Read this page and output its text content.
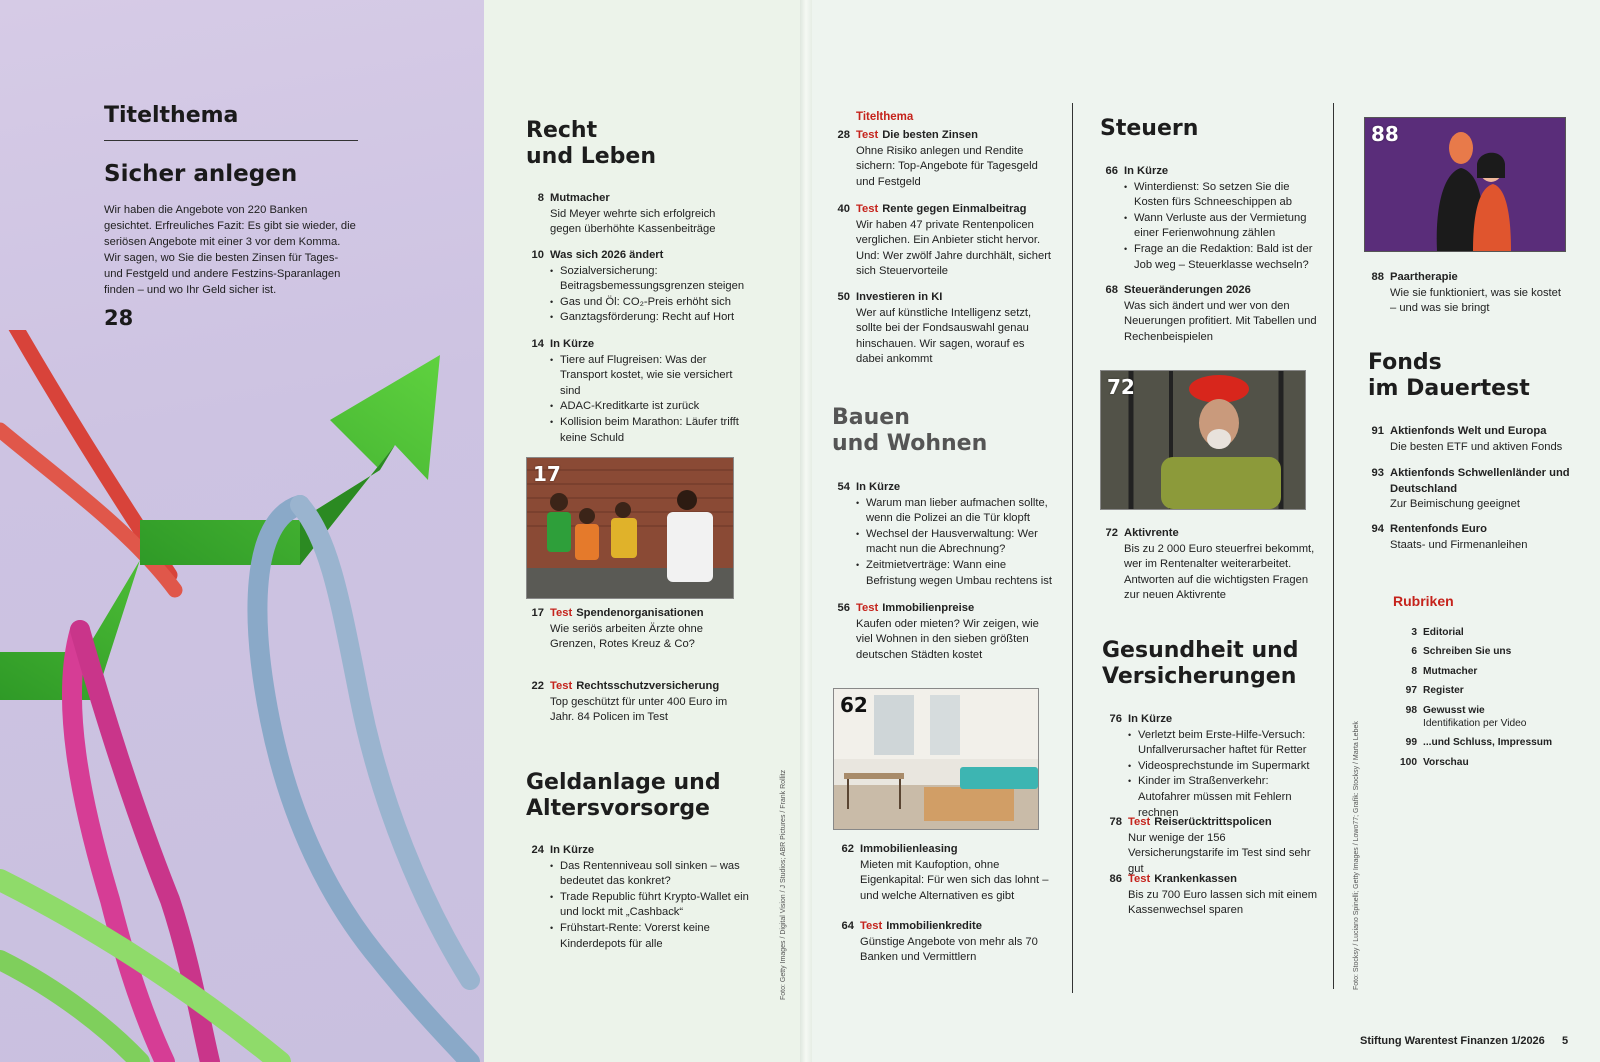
Titelthema
Sicher anlegen
Wir haben die Angebote von 220 Banken gesichtet. Erfreuliches Fazit: Es gibt sie wieder, die seriösen Angebote mit einer 3 vor dem Komma. Wir sagen, wo Sie die besten Zinsen für Tages- und Festgeld und andere Festzins-Sparanlagen finden – und wo Ihr Geld sicher ist.
28
Recht
und Leben
8 Mutmacher
Sid Meyer wehrte sich erfolgreich gegen überhöhte Kassenbeiträge
10 Was sich 2026 ändert
• Sozialversicherung: Beitragsbemessungsgrenzen steigen
• Gas und Öl: CO₂-Preis erhöht sich
• Ganztagsförderung: Recht auf Hort
14 In Kürze
• Tiere auf Flugreisen: Was der Transport kostet, wie sie versichert sind
• ADAC-Kreditkarte ist zurück
• Kollision beim Marathon: Läufer trifft keine Schuld
17
17 Test Spendenorganisationen
Wie seriös arbeiten Ärzte ohne Grenzen, Rotes Kreuz & Co?
22 Test Rechtsschutzversicherung
Top geschützt für unter 400 Euro im Jahr. 84 Policen im Test
Geldanlage und
Altersvorsorge
24 In Kürze
• Das Rentenniveau soll sinken – was bedeutet das konkret?
• Trade Republic führt Krypto-Wallet ein und lockt mit „Cashback“
• Frühstart-Rente: Vorerst keine Kinderdepots für alle	Foto: Getty Images / Digital Vision / J Studios; ABR Pictures / Frank Rollitz
Titelthema
28 Test Die besten Zinsen
Ohne Risiko anlegen und Rendite sichern: Top-Angebote für Tagesgeld und Festgeld
40 Test Rente gegen Einmalbeitrag
Wir haben 47 private Rentenpolicen verglichen. Ein Anbieter sticht hervor. Und: Wer zwölf Jahre durchhält, sichert sich Steuervorteile
50 Investieren in KI
Wer auf künstliche Intelligenz setzt, sollte bei der Fondsauswahl genau hinschauen. Wir sagen, worauf es dabei ankommt
Bauen
und Wohnen
54 In Kürze
• Warum man lieber aufmachen sollte, wenn die Polizei an die Tür klopft
• Wechsel der Hausverwaltung: Wer macht nun die Abrechnung?
• Zeitmietverträge: Wann eine Befristung wegen Umbau rechtens ist
56 Test Immobilienpreise
Kaufen oder mieten? Wir zeigen, wie viel Wohnen in den sieben größten deutschen Städten kostet
62
62 Immobilienleasing
Mieten mit Kaufoption, ohne Eigenkapital: Für wen sich das lohnt – und welche Alternativen es gibt
64 Test Immobilienkredite
Günstige Angebote von mehr als 70 Banken und Vermittlern
Steuern
66 In Kürze
• Winterdienst: So setzen Sie die Kosten fürs Schneeschippen ab
• Wann Verluste aus der Vermietung einer Ferienwohnung zählen
• Frage an die Redaktion: Bald ist der Job weg – Steuerklasse wechseln?
68 Steueränderungen 2026
Was sich ändert und wer von den Neuerungen profitiert. Mit Tabellen und Rechenbeispielen
72
72 Aktivrente
Bis zu 2 000 Euro steuerfrei bekommt, wer im Rentenalter weiterarbeitet. Antworten auf die wichtigsten Fragen zur neuen Aktivrente
Gesundheit und
Versicherungen
76 In Kürze
• Verletzt beim Erste-Hilfe-Versuch: Unfallverursacher haftet für Retter
• Videosprechstunde im Supermarkt
• Kinder im Straßenverkehr: Autofahrer müssen mit Fehlern rechnen
78 Test Reiserücktrittspolicen
Nur wenige der 156 Versicherungstarife im Test sind sehr gut
86 Test Krankenkassen
Bis zu 700 Euro lassen sich mit einem Kassenwechsel sparen
88
88 Paartherapie
Wie sie funktioniert, was sie kostet – und was sie bringt
Fonds
im Dauertest
91 Aktienfonds Welt und Europa
Die besten ETF und aktiven Fonds
93 Aktienfonds Schwellenländer und Deutschland
Zur Beimischung geeignet
94 Rentenfonds Euro
Staats- und Firmenanleihen
Rubriken
3 Editorial
6 Schreiben Sie uns
8 Mutmacher
97 Register
98 Gewusst wie
Identifikation per Video
99 ...und Schluss, Impressum
100 Vorschau
Foto: Stocksy / Luciano Spinelli; Getty Images / Lowo77; Grafik: Stocksy / Marta Lebek
Stiftung Warentest Finanzen 1/2026 5
